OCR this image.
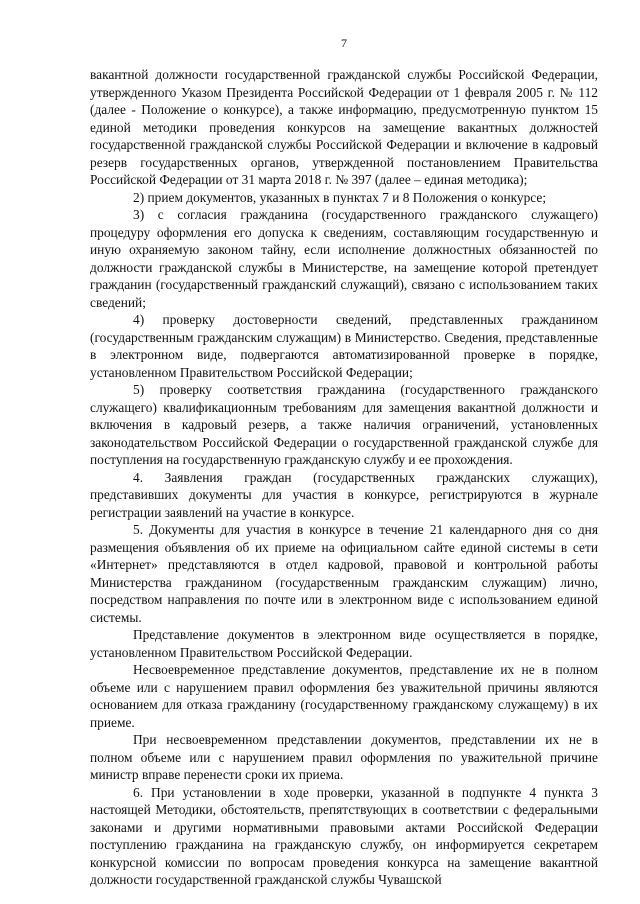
7

вакантной должности государственной гражданской службы Российской Федерации, утвержденного Указом Президента Российской Федерации от 1 февраля 2005 г. № 112 (далее - Положение о конкурсе), а также информацию, предусмотренную пунктом 15 единой методики проведения конкурсов на замещение вакантных должностей государственной гражданской службы Российской Федерации и включение в кадровый резерв государственных органов, утвержденной постановлением Правительства Российской Федерации от 31 марта 2018 г. № 397 (далее – единая методика);

2) прием документов, указанных в пунктах 7 и 8 Положения о конкурсе;

3) с согласия гражданина (государственного гражданского служащего) процедуру оформления его допуска к сведениям, составляющим государственную и иную охраняемую законом тайну, если исполнение должностных обязанностей по должности гражданской службы в Министерстве, на замещение которой претендует гражданин (государственный гражданский служащий), связано с использованием таких сведений;

4) проверку достоверности сведений, представленных гражданином (государственным гражданским служащим) в Министерство. Сведения, представленные в электронном виде, подвергаются автоматизированной проверке в порядке, установленном Правительством Российской Федерации;

5) проверку соответствия гражданина (государственного гражданского служащего) квалификационным требованиям для замещения вакантной должности и включения в кадровый резерв, а также наличия ограничений, установленных законодательством Российской Федерации о государственной гражданской службе для поступления на государственную гражданскую службу и ее прохождения.

4. Заявления граждан (государственных гражданских служащих), представивших документы для участия в конкурсе, регистрируются в журнале регистрации заявлений на участие в конкурсе.

5. Документы для участия в конкурсе в течение 21 календарного дня со дня размещения объявления об их приеме на официальном сайте единой системы в сети «Интернет» представляются в отдел кадровой, правовой и контрольной работы Министерства гражданином (государственным гражданским служащим) лично, посредством направления по почте или в электронном виде с использованием единой системы.

Представление документов в электронном виде осуществляется в порядке, установленном Правительством Российской Федерации.

Несвоевременное представление документов, представление их не в полном объеме или с нарушением правил оформления без уважительной причины являются основанием для отказа гражданину (государственному гражданскому служащему) в их приеме.

При несвоевременном представлении документов, представлении их не в полном объеме или с нарушением правил оформления по уважительной причине министр вправе перенести сроки их приема.

6. При установлении в ходе проверки, указанной в подпункте 4 пункта 3 настоящей Методики, обстоятельств, препятствующих в соответствии с федеральными законами и другими нормативными правовыми актами Российской Федерации поступлению гражданина на гражданскую службу, он информируется секретарем конкурсной комиссии по вопросам проведения конкурса на замещение вакантной должности государственной гражданской службы Чувашской
